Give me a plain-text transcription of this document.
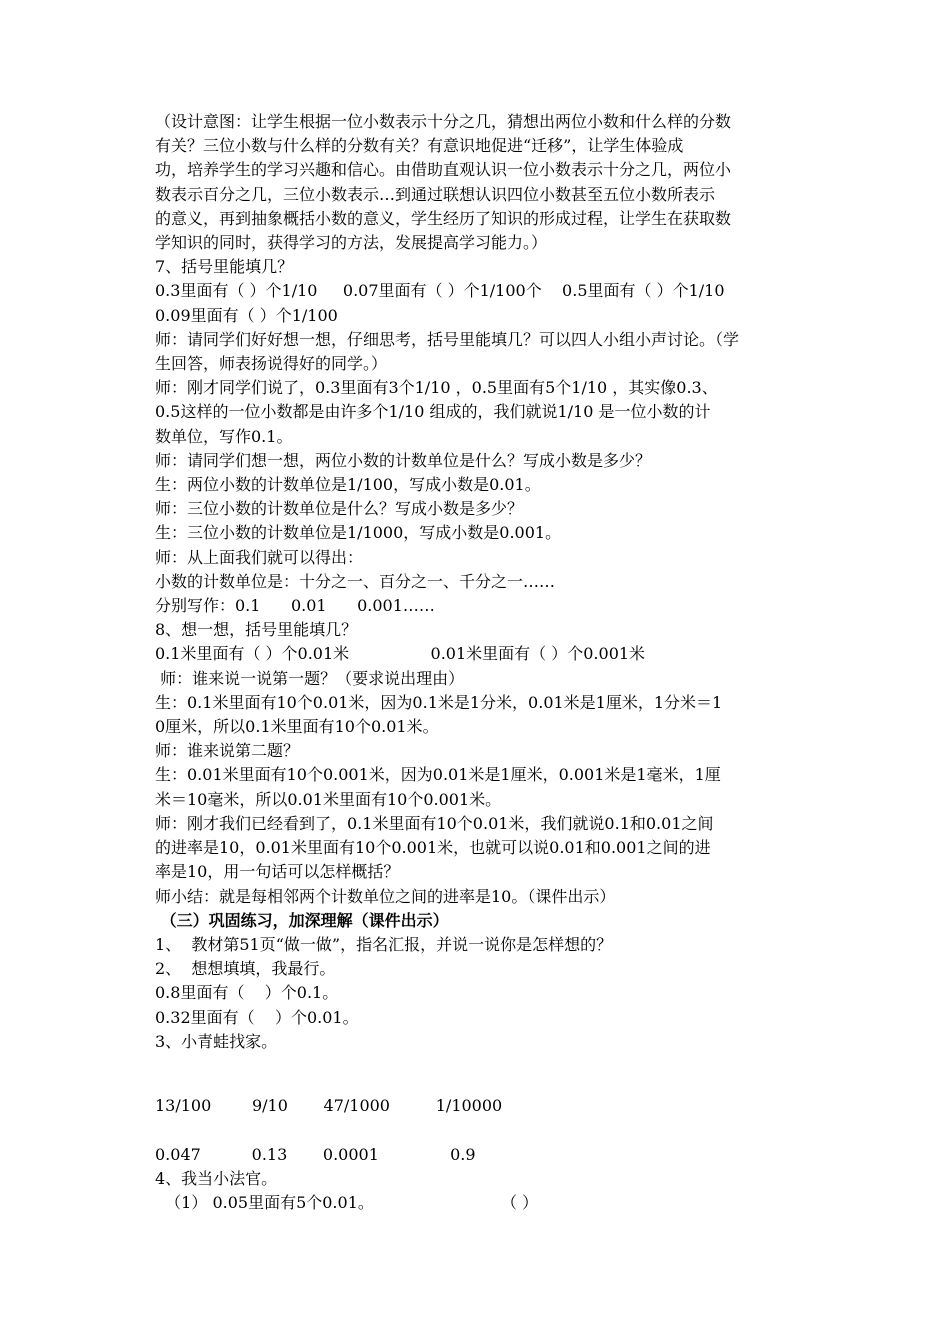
（设计意图：让学生根据一位小数表示十分之几，猜想出两位小数和什么样的分数

有关？三位小数与什么样的分数有关？有意识地促进“迁移”，让学生体验成

功，培养学生的学习兴趣和信心。由借助直观认识一位小数表示十分之几，两位小

数表示百分之几，三位小数表示…到通过联想认识四位小数甚至五位小数所表示

的意义，再到抽象概括小数的意义，学生经历了知识的形成过程，让学生在获取数

学知识的同时，获得学习的方法，发展提高学习能力。）

7、括号里能填几？

0.3里面有（ ）个1/10     0.07里面有（ ）个1/100个    0.5里面有（ ）个1/10

0.09里面有（ ）个1/100

师：请同学们好好想一想，仔细思考，括号里能填几？可以四人小组小声讨论。（学

生回答，师表扬说得好的同学。）

师：刚才同学们说了，0.3里面有3个1/10 ，0.5里面有5个1/10 ，其实像0.3、

0.5这样的一位小数都是由许多个1/10 组成的，我们就说1/10 是一位小数的计

数单位，写作0.1。

师：请同学们想一想，两位小数的计数单位是什么？写成小数是多少？

生：两位小数的计数单位是1/100，写成小数是0.01。

师：三位小数的计数单位是什么？写成小数是多少？

生：三位小数的计数单位是1/1000，写成小数是0.001。

师：从上面我们就可以得出：

小数的计数单位是：十分之一、百分之一、千分之一……

分别写作：0.1      0.01      0.001……

8、想一想，括号里能填几？

0.1米里面有（ ）个0.01米                0.01米里面有（ ）个0.001米

师：谁来说一说第一题？（要求说出理由）

生：0.1米里面有10个0.01米，因为0.1米是1分米，0.01米是1厘米，1分米＝1

0厘米，所以0.1米里面有10个0.01米。

师：谁来说第二题？

生：0.01米里面有10个0.001米，因为0.01米是1厘米，0.001米是1毫米，1厘

米＝10毫米，所以0.01米里面有10个0.001米。

师：刚才我们已经看到了，0.1米里面有10个0.01米，我们就说0.1和0.01之间

的进率是10，0.01米里面有10个0.001米，也就可以说0.01和0.001之间的进

率是10，用一句话可以怎样概括？

师小结：就是每相邻两个计数单位之间的进率是10。（课件出示）

（三）巩固练习，加深理解（课件出示）

1、  教材第51页“做一做”，指名汇报，并说一说你是怎样想的？

2、  想想填填，我最行。

0.8里面有（    ）个0.1。

0.32里面有（    ）个0.01。

3、小青蛙找家。

13/100        9/10       47/1000         1/10000

0.047          0.13       0.0001              0.9

4、我当小法官。

（1） 0.05里面有5个0.01。                         （ ）
